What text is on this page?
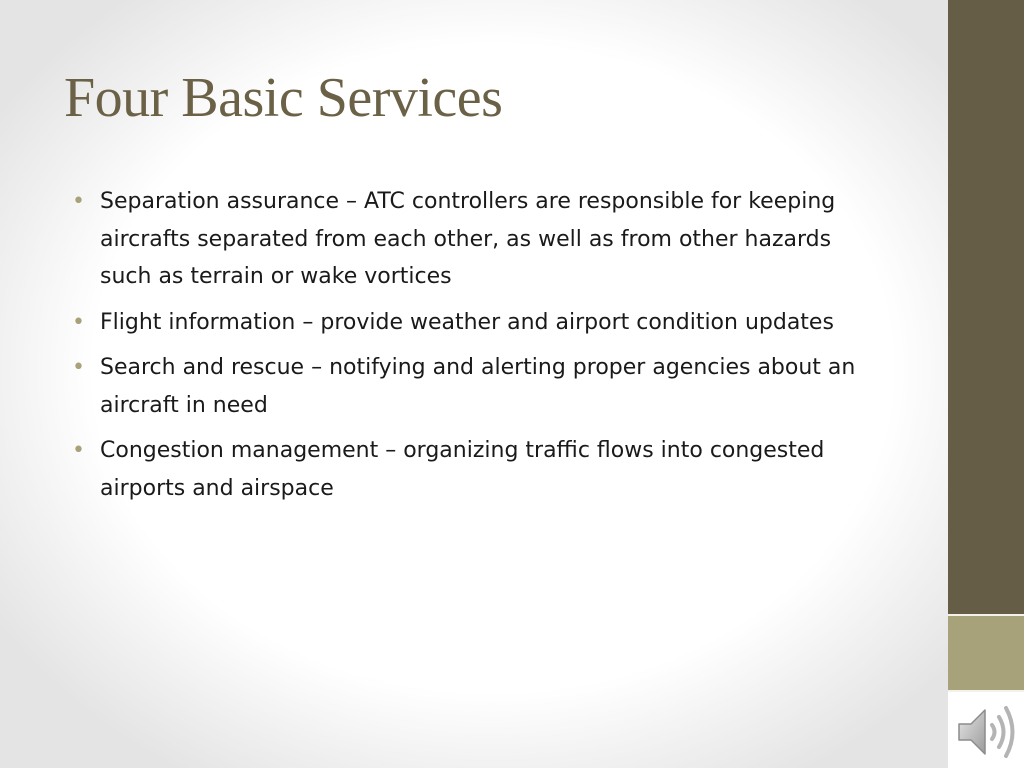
Four Basic Services
• Separation assurance – ATC controllers are responsible for keeping aircrafts separated from each other, as well as from other hazards such as terrain or wake vortices
• Flight information – provide weather and airport condition updates
• Search and rescue – notifying and alerting proper agencies about an aircraft in need
• Congestion management – organizing traffic flows into congested airports and airspace
